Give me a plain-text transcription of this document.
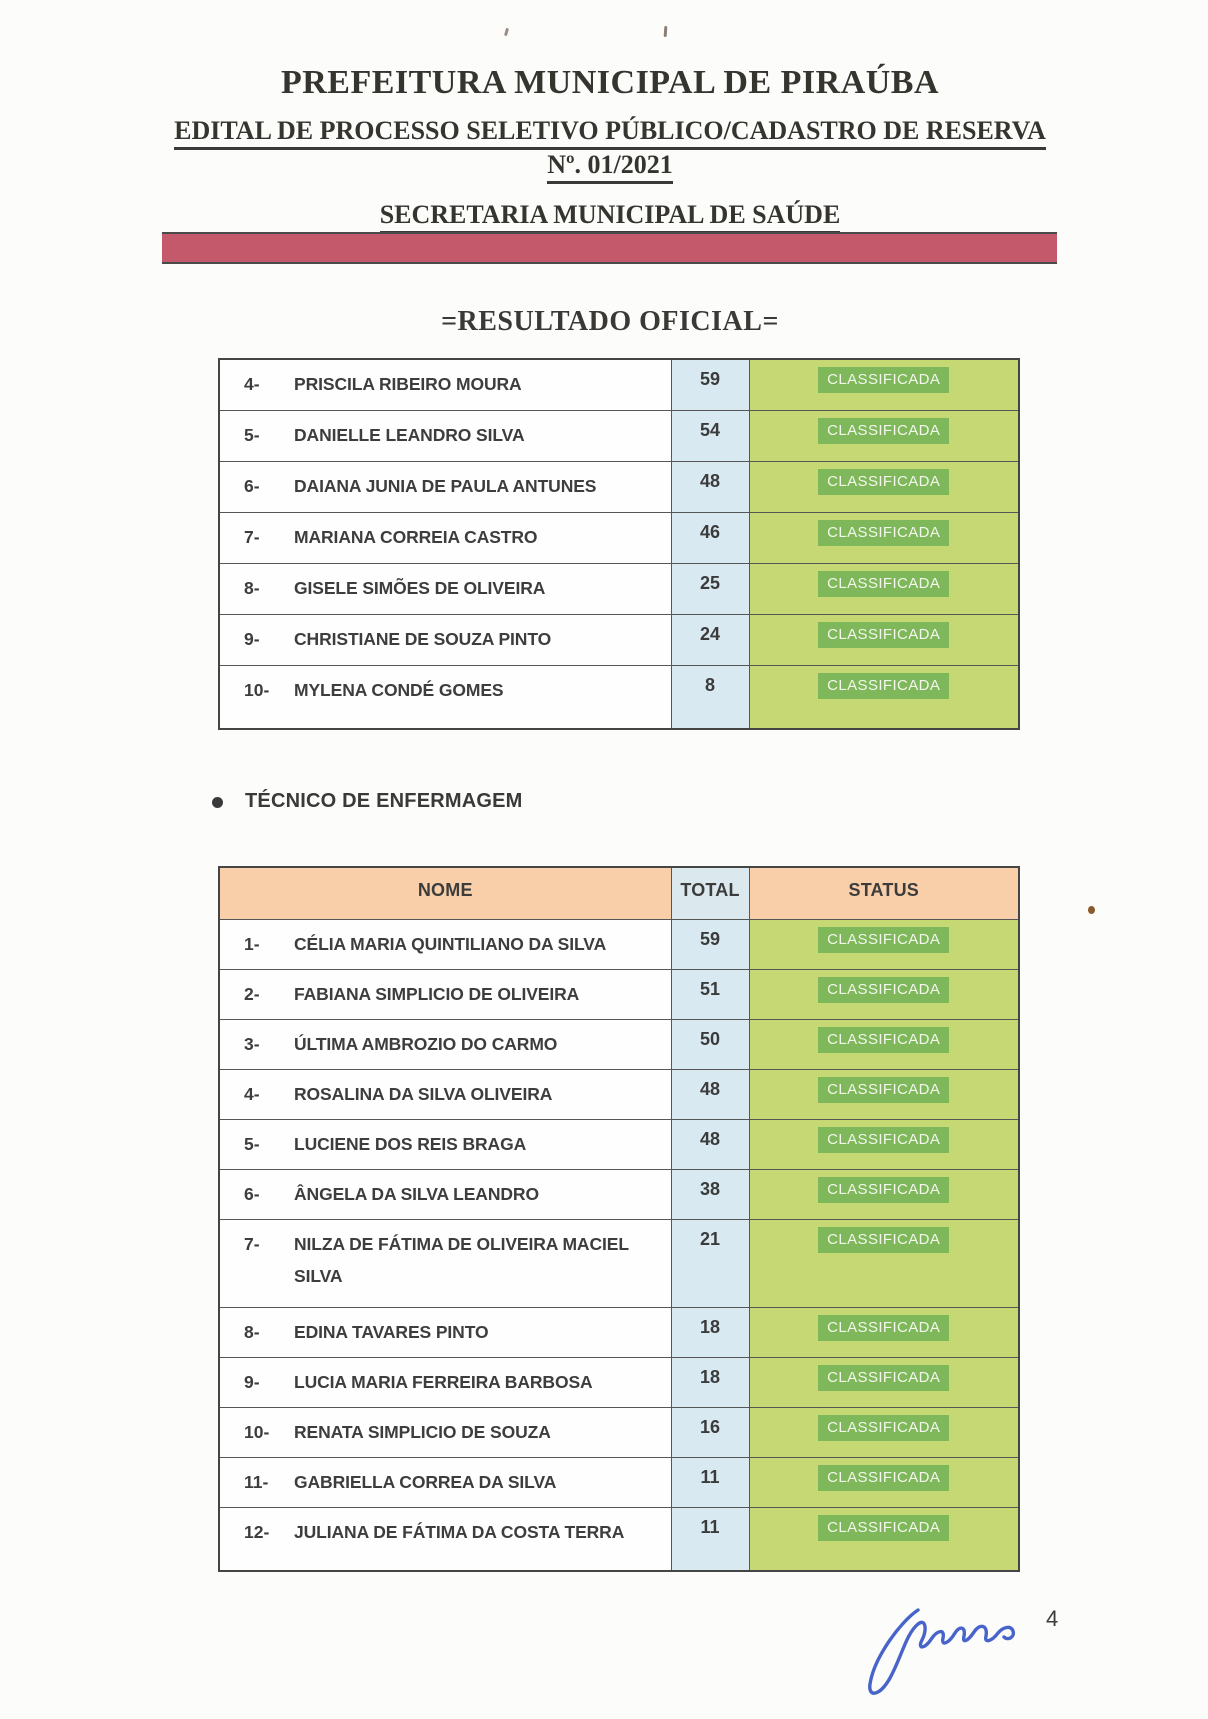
PREFEITURA MUNICIPAL DE PIRAÚBA
EDITAL DE PROCESSO SELETIVO PÚBLICO/CADASTRO DE RESERVA
Nº. 01/2021
SECRETARIA MUNICIPAL DE SAÚDE
=RESULTADO OFICIAL=
4- PRISCILA RIBEIRO MOURA	59	CLASSIFICADA

5- DANIELLE LEANDRO SILVA	54	CLASSIFICADA

6- DAIANA JUNIA DE PAULA ANTUNES	48	CLASSIFICADA

7- MARIANA CORREIA CASTRO	46	CLASSIFICADA

8- GISELE SIMÕES DE OLIVEIRA	25	CLASSIFICADA

9- CHRISTIANE DE SOUZA PINTO	24	CLASSIFICADA

10- MYLENA CONDÉ GOMES	8	CLASSIFICADA
TÉCNICO DE ENFERMAGEM
NOME	TOTAL	STATUS

1- CÉLIA MARIA QUINTILIANO DA SILVA	59	CLASSIFICADA

2- FABIANA SIMPLICIO DE OLIVEIRA	51	CLASSIFICADA

3- ÚLTIMA AMBROZIO DO CARMO	50	CLASSIFICADA

4- ROSALINA DA SILVA OLIVEIRA	48	CLASSIFICADA

5- LUCIENE DOS REIS BRAGA	48	CLASSIFICADA

6- ÂNGELA DA SILVA LEANDRO	38	CLASSIFICADA

7- NILZA DE FÁTIMA DE OLIVEIRA MACIEL SILVA	21	CLASSIFICADA

8- EDINA TAVARES PINTO	18	CLASSIFICADA

9- LUCIA MARIA FERREIRA BARBOSA	18	CLASSIFICADA

10- RENATA SIMPLICIO DE SOUZA	16	CLASSIFICADA

11- GABRIELLA CORREA DA SILVA	11	CLASSIFICADA

12- JULIANA DE FÁTIMA DA COSTA TERRA	11	CLASSIFICADA
4
